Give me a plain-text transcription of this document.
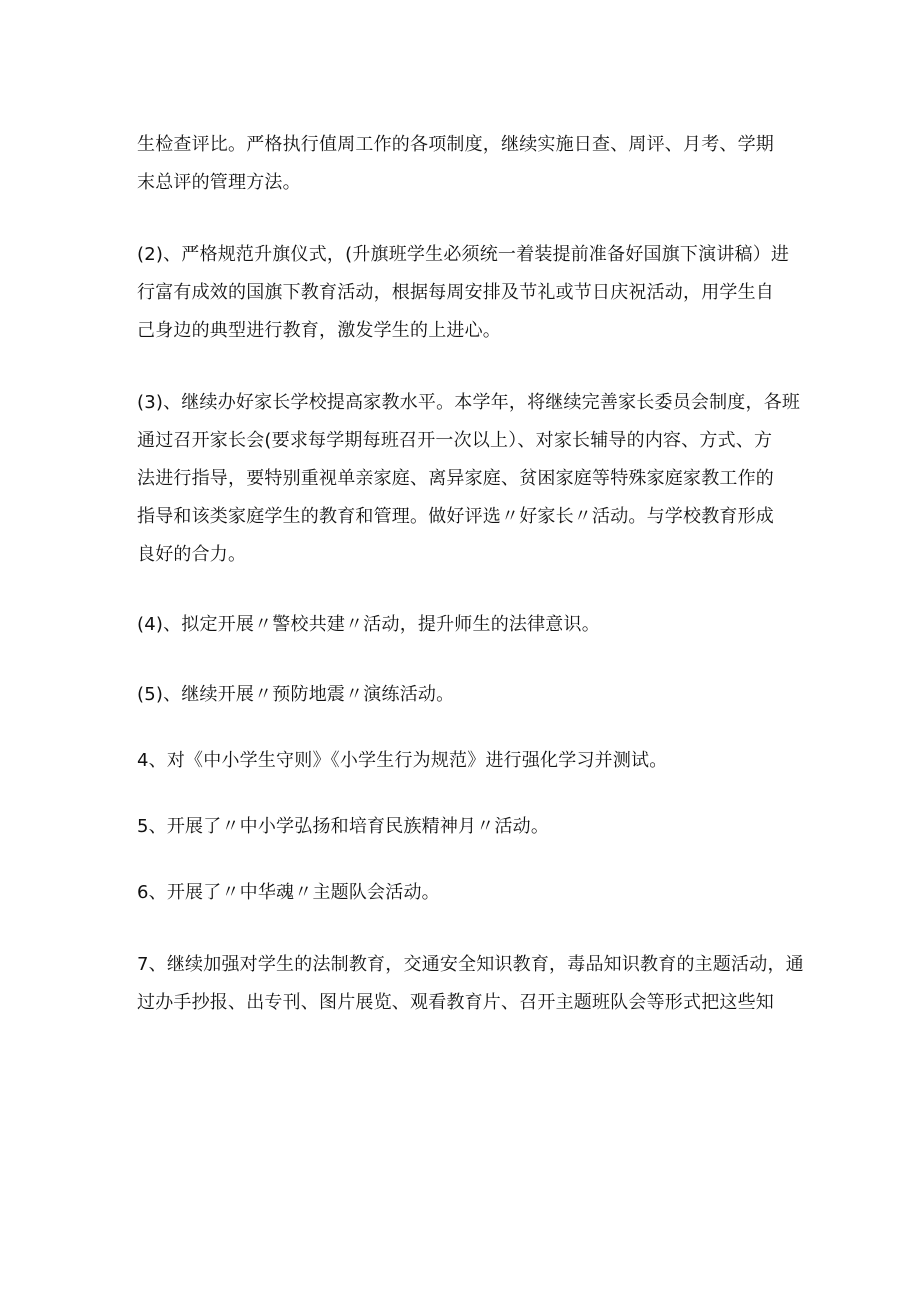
生检查评比。严格执行值周工作的各项制度，继续实施日查、周评、月考、学期
末总评的管理方法。

(2)、严格规范升旗仪式，(升旗班学生必须统一着装提前准备好国旗下演讲稿）进
行富有成效的国旗下教育活动，根据每周安排及节礼或节日庆祝活动，用学生自
己身边的典型进行教育，激发学生的上进心。

(3)、继续办好家长学校提高家教水平。本学年，将继续完善家长委员会制度，各班
通过召开家长会(要求每学期每班召开一次以上）、对家长辅导的内容、方式、方
法进行指导，要特别重视单亲家庭、离异家庭、贫困家庭等特殊家庭家教工作的
指导和该类家庭学生的教育和管理。做好评选〃好家长〃活动。与学校教育形成
良好的合力。

(4)、拟定开展〃警校共建〃活动，提升师生的法律意识。

(5)、继续开展〃预防地震〃演练活动。

4、对《中小学生守则》《小学生行为规范》进行强化学习并测试。

5、开展了〃中小学弘扬和培育民族精神月〃活动。

6、开展了〃中华魂〃主题队会活动。

7、继续加强对学生的法制教育，交通安全知识教育，毒品知识教育的主题活动，通
过办手抄报、出专刊、图片展览、观看教育片、召开主题班队会等形式把这些知
